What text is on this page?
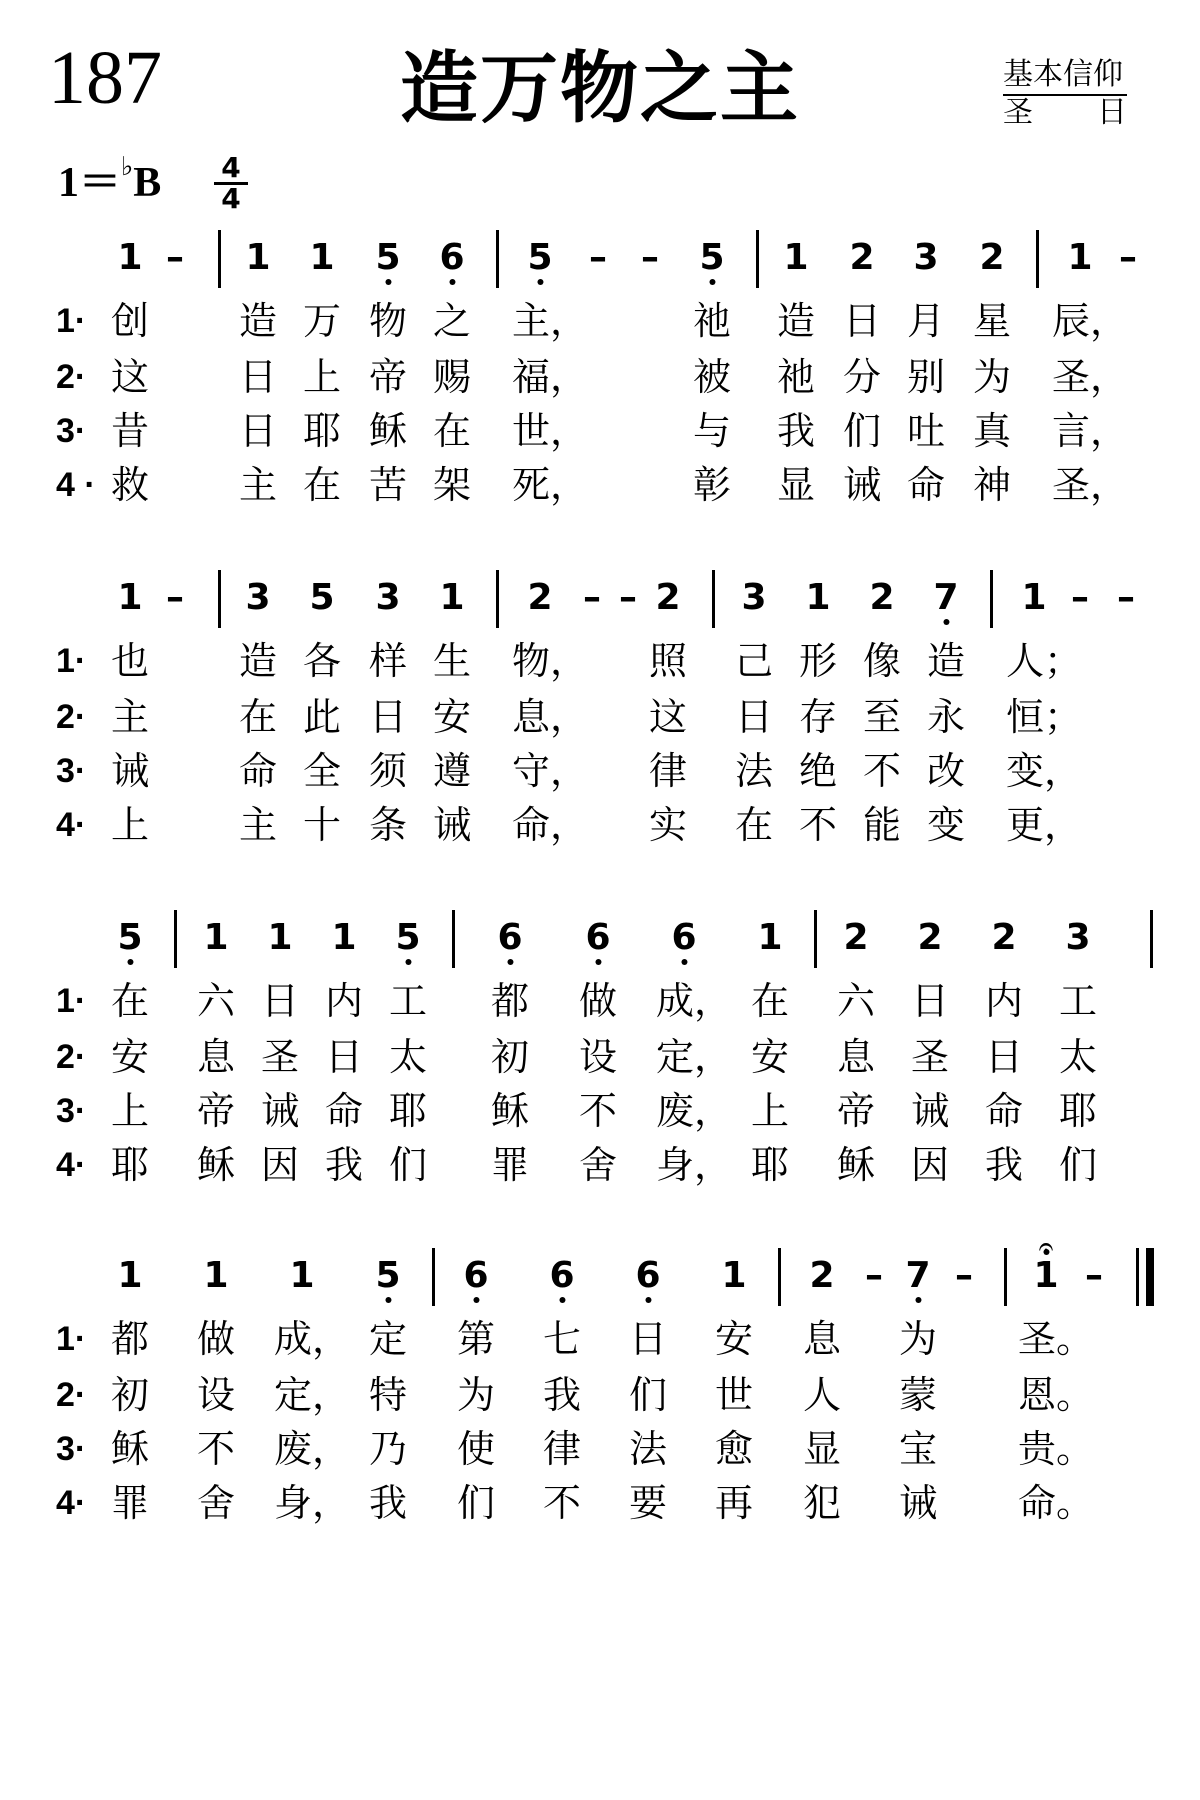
187	造万物之主	基本信仰
圣 日
1＝♭B 4
4
1 – 1 1 5 6 5 – – 5 1 2 3 2 1 –
1· 创 造 万 物 之 主，	祂 造 日 月 星 辰，
2· 这 日 上 帝 赐 福，	被 祂 分 别 为 圣，
3· 昔 日 耶 稣 在 世，	与 我 们 吐 真 言，
4 · 救 主 在 苦 架 死，	彰 显 诫 命 神 圣，
1 – 3 5 3 1 2 – – 2 3 1 2 7 1 – –
1· 也 造 各 样 生 物， 照 己 形 像 造 人；
2· 主 在 此 日 安 息， 这 日 存 至 永 恒；
3· 诫 命 全 须 遵 守， 律 法 绝 不 改 变，
4· 上 主 十 条 诫 命， 实 在 不 能 变 更，
5 1 1 1 5 6 6 6 1 2 2 2 3
1· 在 六 日 内 工 都 做 成， 在 六 日 内 工
2· 安 息 圣 日 太 初 设 定， 安 息 圣 日 太
3· 上 帝 诫 命 耶 稣 不 废， 上 帝 诫 命 耶
4· 耶 稣 因 我 们 罪 舍 身， 耶 稣 因 我 们
1 1 1 5 6 6 6 1 2 – 7 – 1
𝄐
–
1· 都 做 成， 定 第 七 日 安 息 为 圣。
2· 初 设 定， 特 为 我 们 世 人 蒙 恩。
3· 稣 不 废， 乃 使 律 法 愈 显 宝 贵。
4· 罪 舍 身， 我 们 不 要 再 犯 诫 命。
